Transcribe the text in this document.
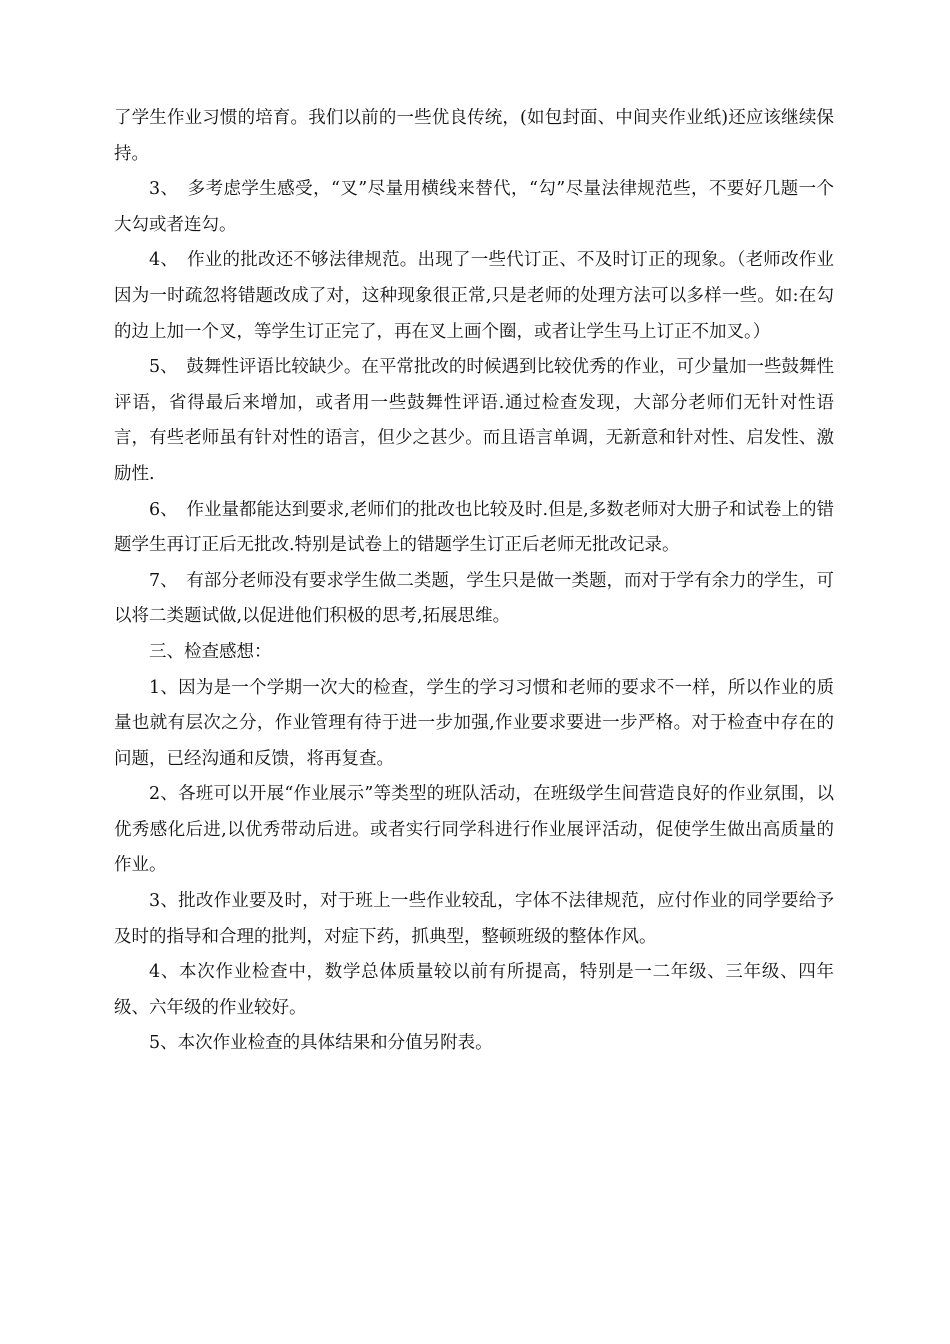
了学生作业习惯的培育。我们以前的一些优良传统，(如包封面、中间夹作业纸)还应该继续保持。

3、　多考虑学生感受，“叉”尽量用横线来替代，“勾”尽量法律规范些，不要好几题一个大勾或者连勾。

4、　作业的批改还不够法律规范。出现了一些代订正、不及时订正的现象。（老师改作业因为一时疏忽将错题改成了对，这种现象很正常,只是老师的处理方法可以多样一些。如:在勾的边上加一个叉，等学生订正完了，再在叉上画个圈，或者让学生马上订正不加叉。）

5、　鼓舞性评语比较缺少。在平常批改的时候遇到比较优秀的作业，可少量加一些鼓舞性评语，省得最后来增加，或者用一些鼓舞性评语.通过检查发现，大部分老师们无针对性语言，有些老师虽有针对性的语言，但少之甚少。而且语言单调，无新意和针对性、启发性、激励性.

6、　作业量都能达到要求,老师们的批改也比较及时.但是,多数老师对大册子和试卷上的错题学生再订正后无批改.特别是试卷上的错题学生订正后老师无批改记录。

7、　有部分老师没有要求学生做二类题，学生只是做一类题，而对于学有余力的学生，可以将二类题试做,以促进他们积极的思考,拓展思维。

三、检查感想：

1、因为是一个学期一次大的检查，学生的学习习惯和老师的要求不一样，所以作业的质量也就有层次之分，作业管理有待于进一步加强,作业要求要进一步严格。对于检查中存在的问题，已经沟通和反馈，将再复查。

2、各班可以开展“作业展示”等类型的班队活动，在班级学生间营造良好的作业氛围，以优秀感化后进,以优秀带动后进。或者实行同学科进行作业展评活动，促使学生做出高质量的作业。

3、批改作业要及时，对于班上一些作业较乱，字体不法律规范，应付作业的同学要给予及时的指导和合理的批判，对症下药，抓典型，整顿班级的整体作风。

4、本次作业检查中，数学总体质量较以前有所提高，特别是一二年级、三年级、四年级、六年级的作业较好。

5、本次作业检查的具体结果和分值另附表。
